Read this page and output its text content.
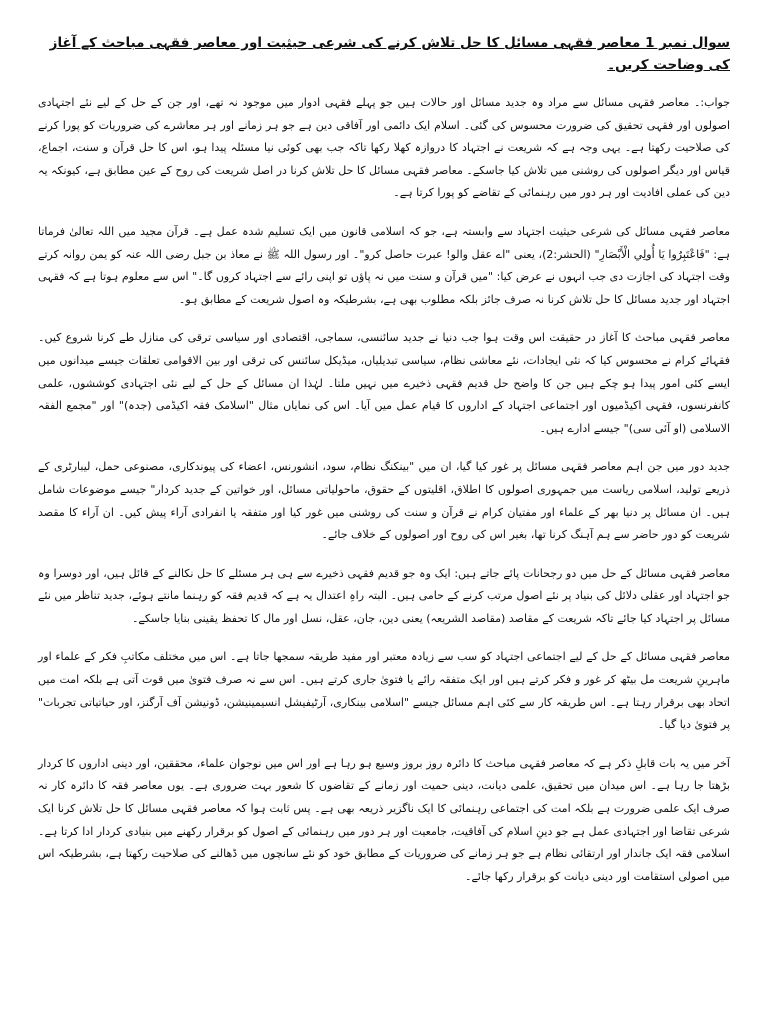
سوال نمبر 1 معاصر فقہی مسائل کا حل تلاش کرنے کی شرعی حیثیت اور معاصر فقہی مباحث کے آغاز کی وضاحت کریں۔

جواب:۔ معاصر فقہی مسائل سے مراد وہ جدید مسائل اور حالات ہیں جو پہلے فقہی ادوار میں موجود نہ تھے، اور جن کے حل کے لیے نئے اجتہادی اصولوں اور فقہی تحقیق کی ضرورت محسوس کی گئی۔ اسلام ایک دائمی اور آفاقی دین ہے جو ہر زمانے اور ہر معاشرے کی ضروریات کو پورا کرنے کی صلاحیت رکھتا ہے۔ یہی وجہ ہے کہ شریعت نے اجتہاد کا دروازہ کھلا رکھا تاکہ جب بھی کوئی نیا مسئلہ پیدا ہو، اس کا حل قرآن و سنت، اجماع، قیاس اور دیگر اصولوں کی روشنی میں تلاش کیا جاسکے۔ معاصر فقہی مسائل کا حل تلاش کرنا در اصل شریعت کی روح کے عین مطابق ہے، کیونکہ یہ دین کی عملی افادیت اور ہر دور میں رہنمائی کے تقاضے کو پورا کرتا ہے۔

معاصر فقہی مسائل کی شرعی حیثیت اجتہاد سے وابستہ ہے، جو کہ اسلامی قانون میں ایک تسلیم شدہ عمل ہے۔ قرآن مجید میں اللہ تعالیٰ فرماتا ہے: "فَاعْتَبِرُوا يَا أُولِي الْأَبْصَارِ" (الحشر:2)، یعنی "اے عقل والو! عبرت حاصل کرو"۔ اور رسول اللہ ﷺ نے معاذ بن جبل رضی اللہ عنہ کو یمن روانہ کرتے وقت اجتہاد کی اجازت دی جب انہوں نے عرض کیا: "میں قرآن و سنت میں نہ پاؤں تو اپنی رائے سے اجتہاد کروں گا۔" اس سے معلوم ہوتا ہے کہ فقہی اجتہاد اور جدید مسائل کا حل تلاش کرنا نہ صرف جائز بلکہ مطلوب بھی ہے، بشرطیکہ وہ اصول شریعت کے مطابق ہو۔

معاصر فقہی مباحث کا آغاز در حقیقت اس وقت ہوا جب دنیا نے جدید سائنسی، سماجی، اقتصادی اور سیاسی ترقی کی منازل طے کرنا شروع کیں۔ فقہائے کرام نے محسوس کیا کہ نئی ایجادات، نئے معاشی نظام، سیاسی تبدیلیاں، میڈیکل سائنس کی ترقی اور بین الاقوامی تعلقات جیسے میدانوں میں ایسے کئی امور پیدا ہو چکے ہیں جن کا واضح حل قدیم فقہی ذخیرے میں نہیں ملتا۔ لہٰذا ان مسائل کے حل کے لیے نئی اجتہادی کوششوں، علمی کانفرنسوں، فقہی اکیڈمیوں اور اجتماعی اجتہاد کے اداروں کا قیام عمل میں آیا۔ اس کی نمایاں مثال "اسلامک فقہ اکیڈمی (جدہ)" اور "مجمع الفقہ الاسلامی (او آئی سی)" جیسے ادارے ہیں۔

جدید دور میں جن اہم معاصر فقہی مسائل پر غور کیا گیا، ان میں "بینکنگ نظام، سود، انشورنس، اعضاء کی پیوندکاری، مصنوعی حمل، لیبارٹری کے ذریعے تولید، اسلامی ریاست میں جمہوری اصولوں کا اطلاق، اقلیتوں کے حقوق، ماحولیاتی مسائل، اور خواتین کے جدید کردار" جیسے موضوعات شامل ہیں۔ ان مسائل پر دنیا بھر کے علماء اور مفتیان کرام نے قرآن و سنت کی روشنی میں غور کیا اور متفقہ یا انفرادی آراء پیش کیں۔ ان آراء کا مقصد شریعت کو دور حاضر سے ہم آہنگ کرنا تھا، بغیر اس کی روح اور اصولوں کے خلاف جائے۔

معاصر فقہی مسائل کے حل میں دو رجحانات پائے جاتے ہیں: ایک وہ جو قدیم فقہی ذخیرے سے ہی ہر مسئلے کا حل نکالنے کے قائل ہیں، اور دوسرا وہ جو اجتہاد اور عقلی دلائل کی بنیاد پر نئے اصول مرتب کرنے کے حامی ہیں۔ البتہ راہِ اعتدال یہ ہے کہ قدیم فقہ کو رہنما مانتے ہوئے، جدید تناظر میں نئے مسائل پر اجتہاد کیا جائے تاکہ شریعت کے مقاصد (مقاصد الشریعہ) یعنی دین، جان، عقل، نسل اور مال کا تحفظ یقینی بنایا جاسکے۔

معاصر فقہی مسائل کے حل کے لیے اجتماعی اجتہاد کو سب سے زیادہ معتبر اور مفید طریقہ سمجھا جاتا ہے۔ اس میں مختلف مکاتبِ فکر کے علماء اور ماہرینِ شریعت مل بیٹھ کر غور و فکر کرتے ہیں اور ایک متفقہ رائے یا فتویٰ جاری کرتے ہیں۔ اس سے نہ صرف فتویٰ میں قوت آتی ہے بلکہ امت میں اتحاد بھی برقرار رہتا ہے۔ اس طریقہ کار سے کئی اہم مسائل جیسے "اسلامی بینکاری، آرٹیفیشل انسیمینیشن، ڈونیشن آف آرگنز، اور حیاتیاتی تجربات" پر فتویٰ دیا گیا۔

آخر میں یہ بات قابلِ ذکر ہے کہ معاصر فقہی مباحث کا دائرہ روز بروز وسیع ہو رہا ہے اور اس میں نوجوان علماء، محققین، اور دینی اداروں کا کردار بڑھتا جا رہا ہے۔ اس میدان میں تحقیق، علمی دیانت، دینی حمیت اور زمانے کے تقاضوں کا شعور بہت ضروری ہے۔ یوں معاصر فقہ کا دائرہ کار نہ صرف ایک علمی ضرورت ہے بلکہ امت کی اجتماعی رہنمائی کا ایک ناگزیر ذریعہ بھی ہے۔ پس ثابت ہوا کہ معاصر فقہی مسائل کا حل تلاش کرنا ایک شرعی تقاضا اور اجتہادی عمل ہے جو دینِ اسلام کی آفاقیت، جامعیت اور ہر دور میں رہنمائی کے اصول کو برقرار رکھنے میں بنیادی کردار ادا کرتا ہے۔ اسلامی فقہ ایک جاندار اور ارتقائی نظام ہے جو ہر زمانے کی ضروریات کے مطابق خود کو نئے سانچوں میں ڈھالنے کی صلاحیت رکھتا ہے، بشرطیکہ اس میں اصولی استقامت اور دینی دیانت کو برقرار رکھا جائے۔
